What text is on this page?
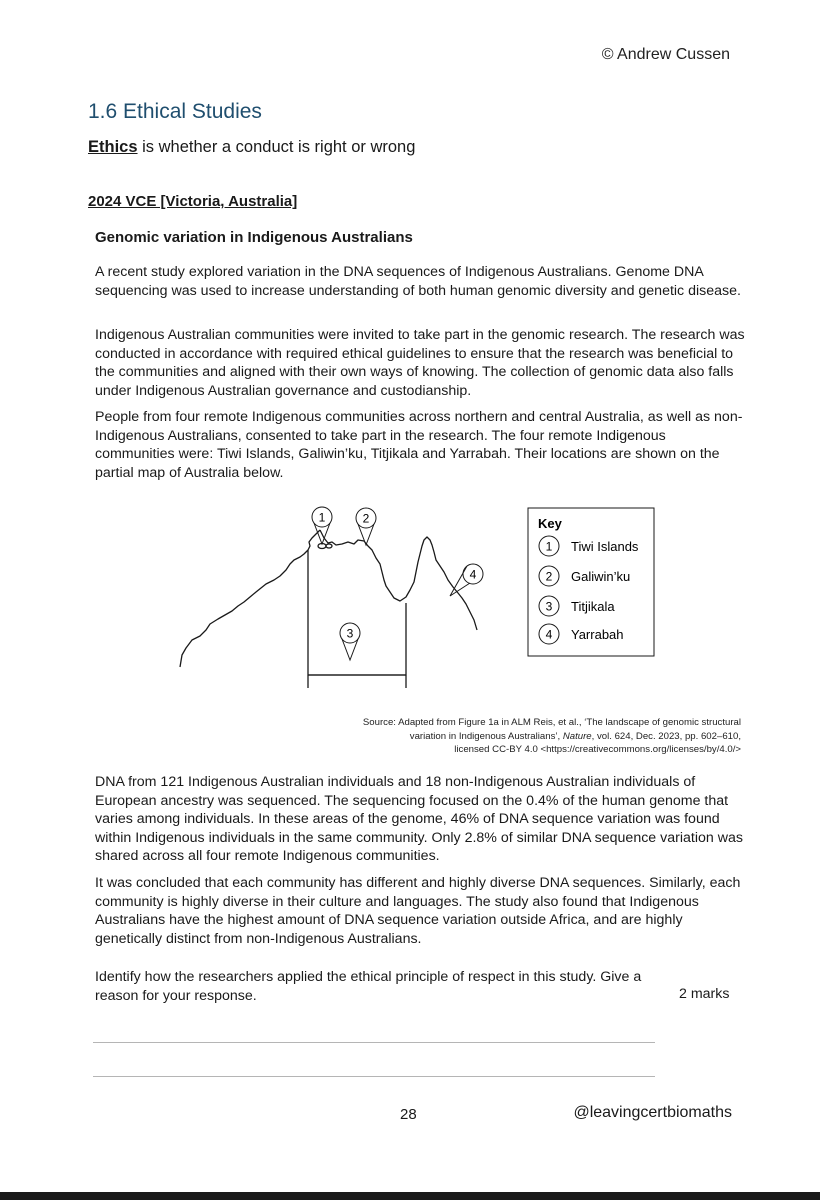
© Andrew Cussen
1.6 Ethical Studies
Ethics is whether a conduct is right or wrong
2024 VCE [Victoria, Australia]
Genomic variation in Indigenous Australians
A recent study explored variation in the DNA sequences of Indigenous Australians. Genome DNA sequencing was used to increase understanding of both human genomic diversity and genetic disease.
Indigenous Australian communities were invited to take part in the genomic research. The research was conducted in accordance with required ethical guidelines to ensure that the research was beneficial to the communities and aligned with their own ways of knowing. The collection of genomic data also falls under Indigenous Australian governance and custodianship.
People from four remote Indigenous communities across northern and central Australia, as well as non-Indigenous Australians, consented to take part in the research. The four remote Indigenous communities were: Tiwi Islands, Galiwin’ku, Titjikala and Yarrabah. Their locations are shown on the partial map of Australia below.
1	2
3
4
Key
1 Tiwi Islands
2 Galiwin’ku
3 Titjikala
4 Yarrabah
Source: Adapted from Figure 1a in ALM Reis, et al., ‘The landscape of genomic structural
variation in Indigenous Australians’, Nature, vol. 624, Dec. 2023, pp. 602–610,
licensed CC-BY 4.0 <https://creativecommons.org/licenses/by/4.0/>
DNA from 121 Indigenous Australian individuals and 18 non-Indigenous Australian individuals of European ancestry was sequenced. The sequencing focused on the 0.4% of the human genome that varies among individuals. In these areas of the genome, 46% of DNA sequence variation was found within Indigenous individuals in the same community. Only 2.8% of similar DNA sequence variation was shared across all four remote Indigenous communities.
It was concluded that each community has different and highly diverse DNA sequences. Similarly, each community is highly diverse in their culture and languages. The study also found that Indigenous Australians have the highest amount of DNA sequence variation outside Africa, and are highly genetically distinct from non-Indigenous Australians.
Identify how the researchers applied the ethical principle of respect in this study. Give a reason for your response.	2 marks
28	@leavingcertbiomaths
